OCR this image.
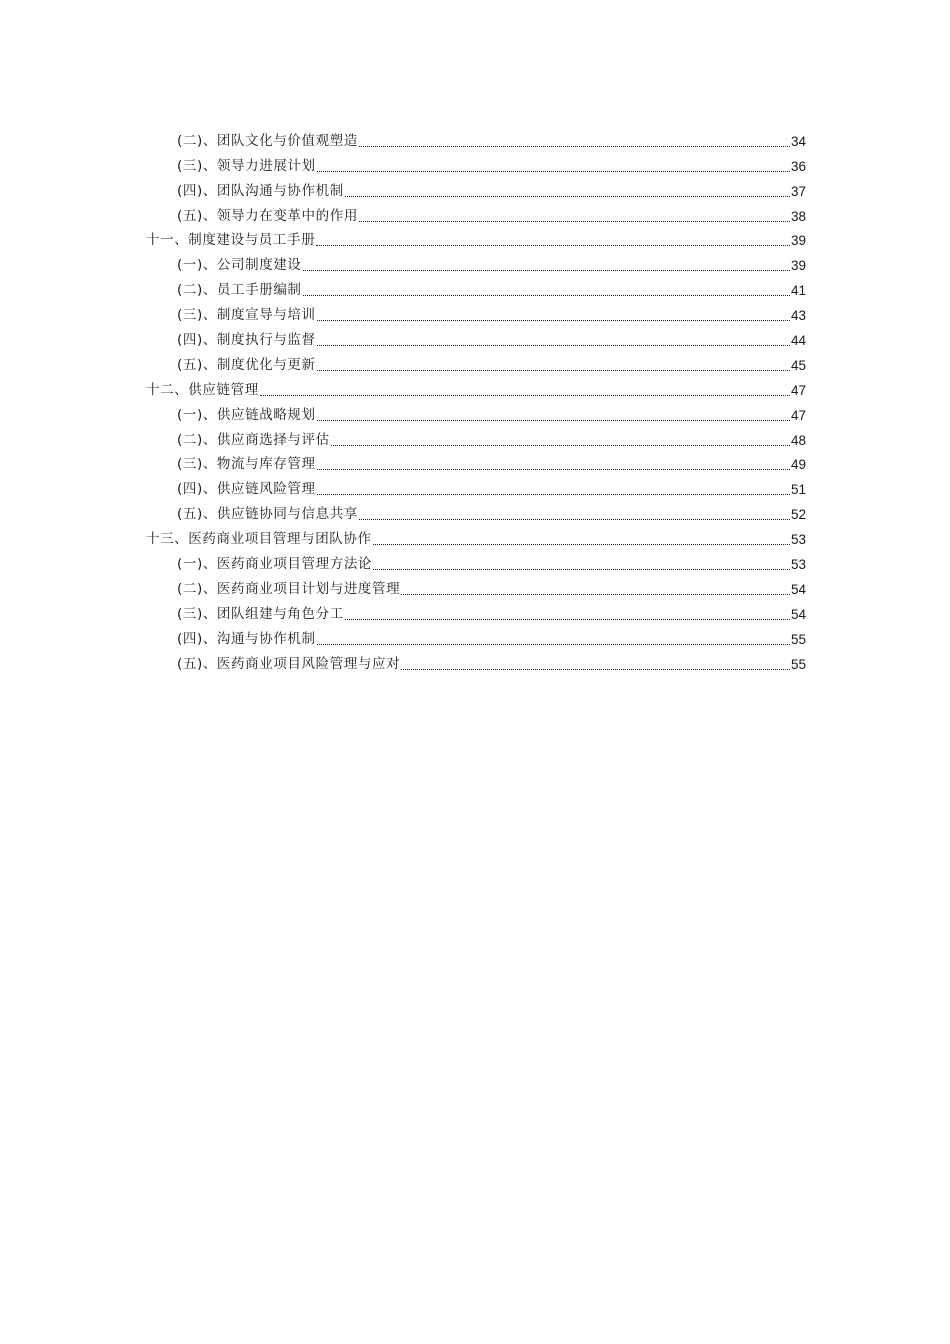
(二)、团队文化与价值观塑造	34
(三)、领导力进展计划	36
(四)、团队沟通与协作机制	37
(五)、领导力在变革中的作用	38
十一、制度建设与员工手册	39
(一)、公司制度建设	39
(二)、员工手册编制	41
(三)、制度宣导与培训	43
(四)、制度执行与监督	44
(五)、制度优化与更新	45
十二、供应链管理	47
(一)、供应链战略规划	47
(二)、供应商选择与评估	48
(三)、物流与库存管理	49
(四)、供应链风险管理	51
(五)、供应链协同与信息共享	52
十三、医药商业项目管理与团队协作	53
(一)、医药商业项目管理方法论	53
(二)、医药商业项目计划与进度管理	54
(三)、团队组建与角色分工	54
(四)、沟通与协作机制	55
(五)、医药商业项目风险管理与应对	55
